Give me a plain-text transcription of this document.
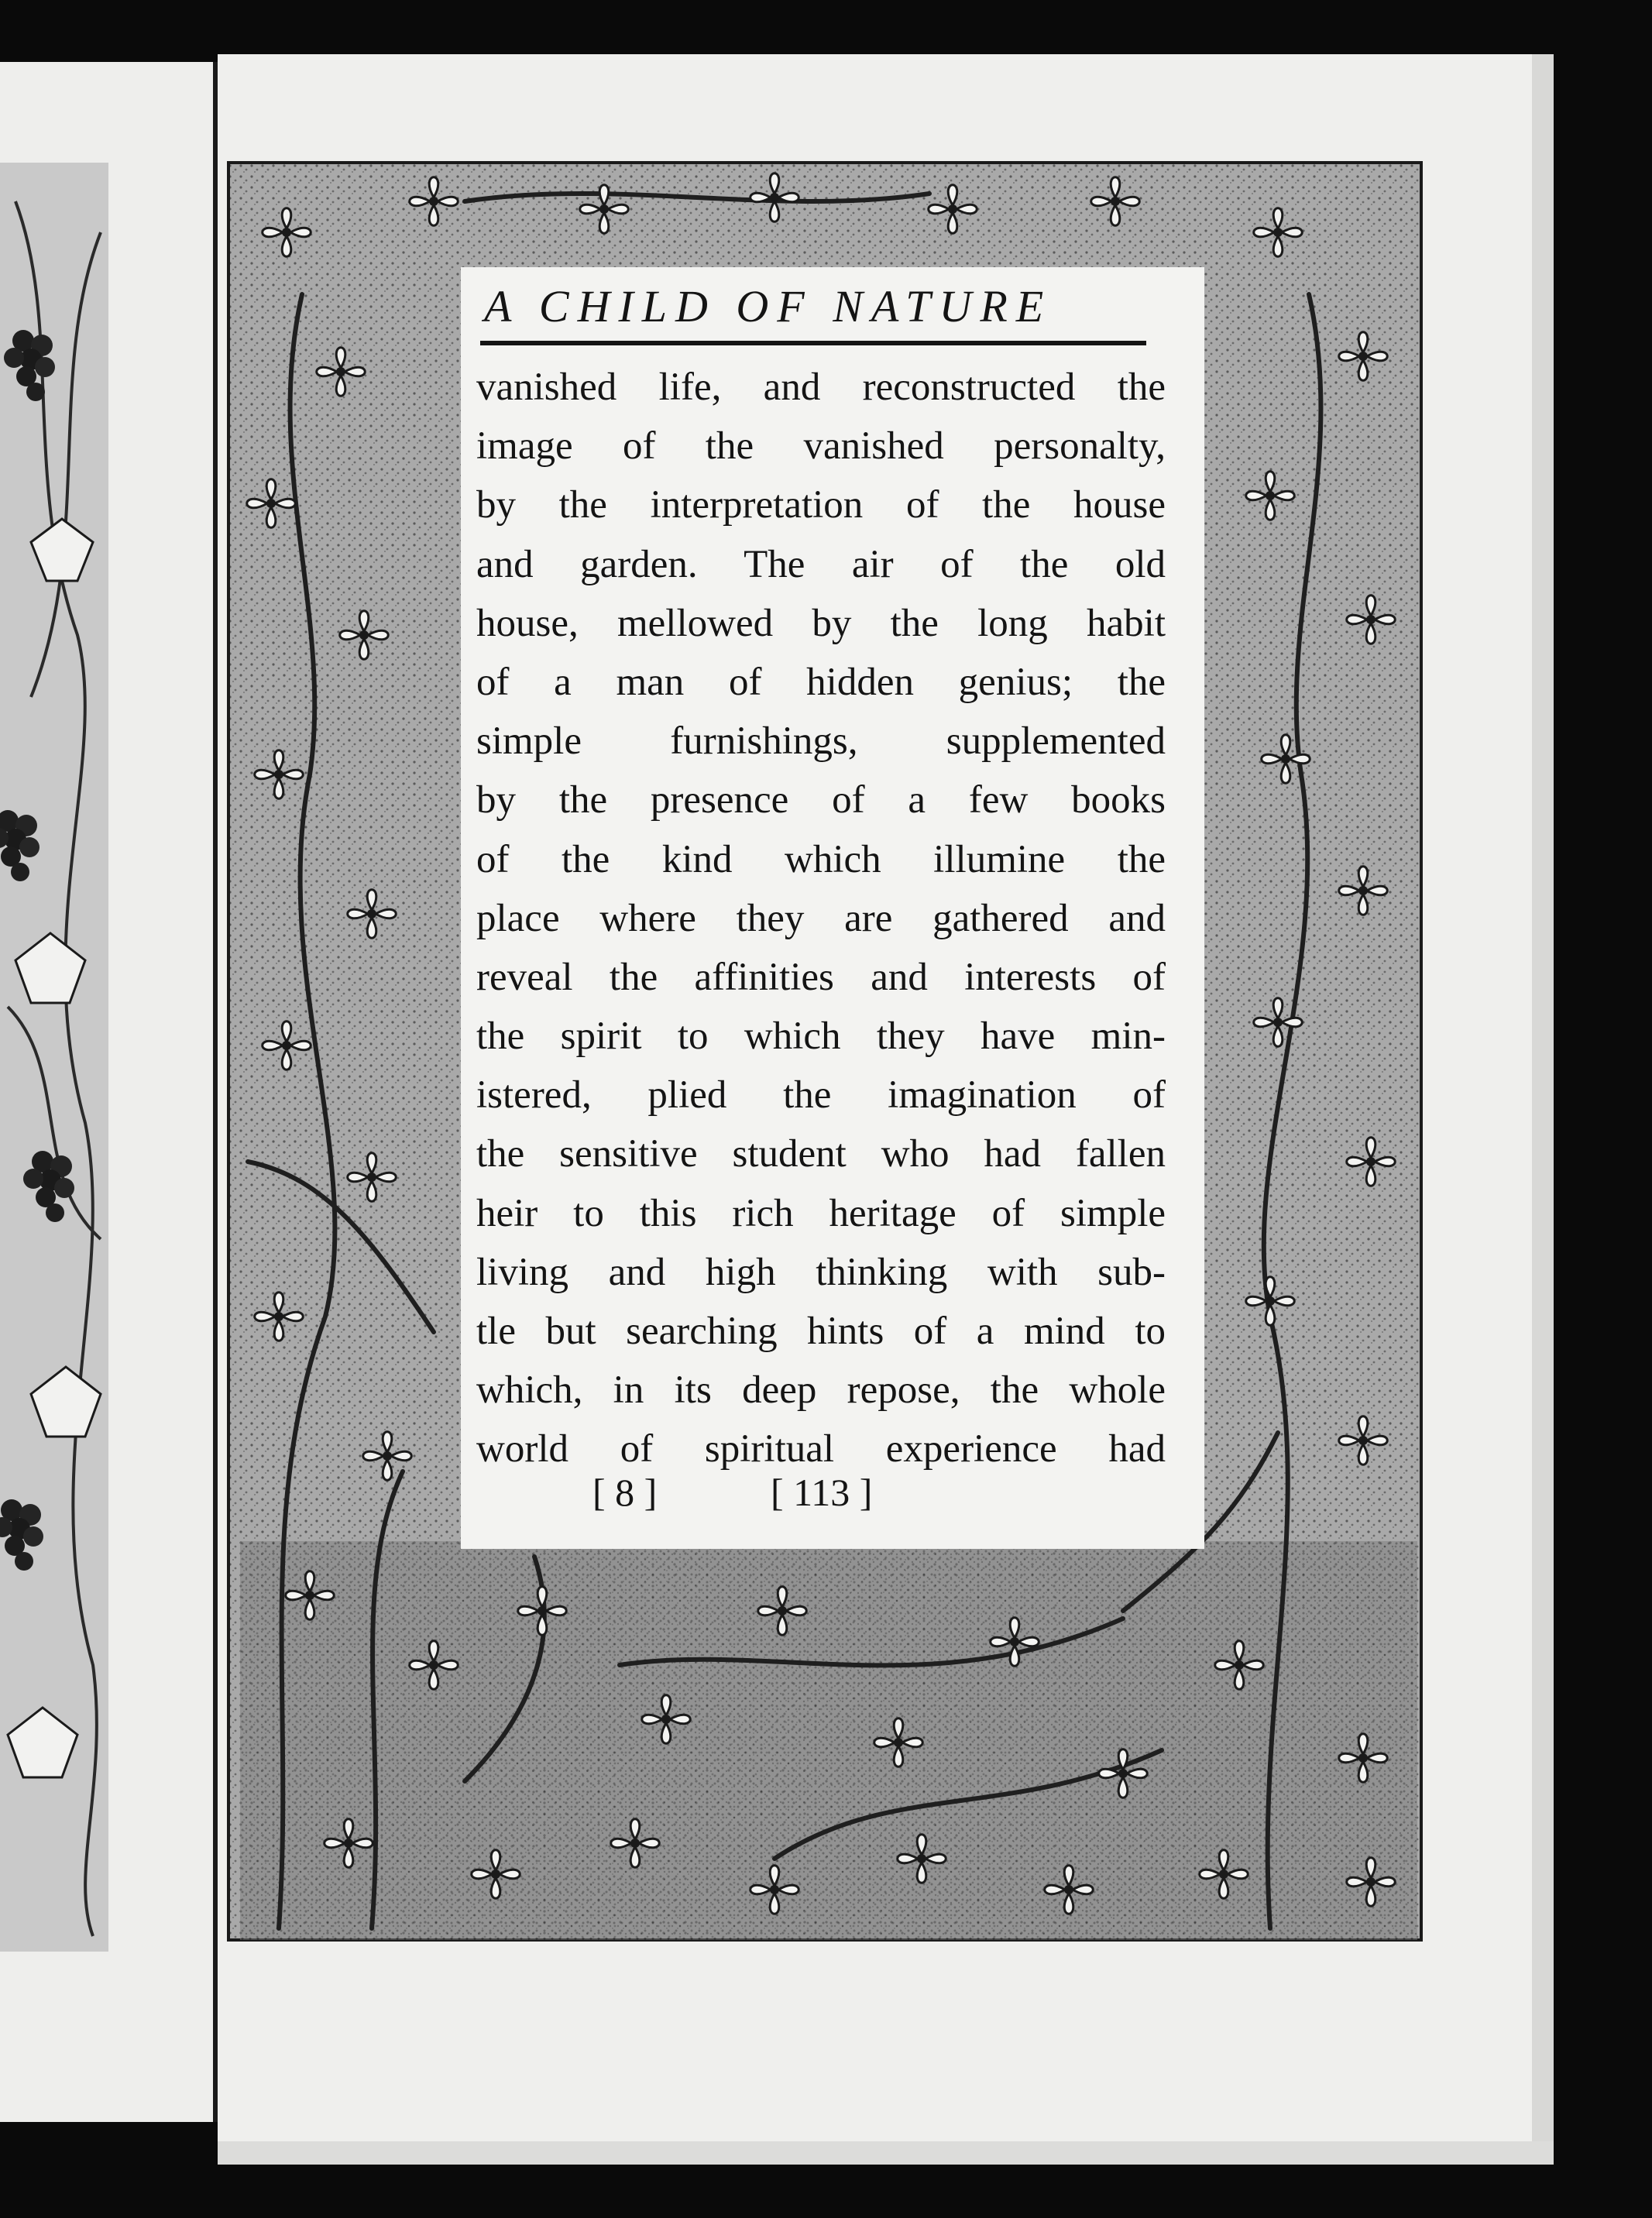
A CHILD OF NATURE
vanished life, and reconstructed the
image of the vanished personalty,
by the interpretation of the house
and garden. The air of the old
house, mellowed by the long habit
of a man of hidden genius; the
simple furnishings, supplemented
by the presence of a few books
of the kind which illumine the
place where they are gathered and
reveal the affinities and interests of
the spirit to which they have min-
istered, plied the imagination of
the sensitive student who had fallen
heir to this rich heritage of simple
living and high thinking with sub-
tle but searching hints of a mind to
which, in its deep repose, the whole
world of spiritual experience had
[ 8 ]	[ 113 ]
